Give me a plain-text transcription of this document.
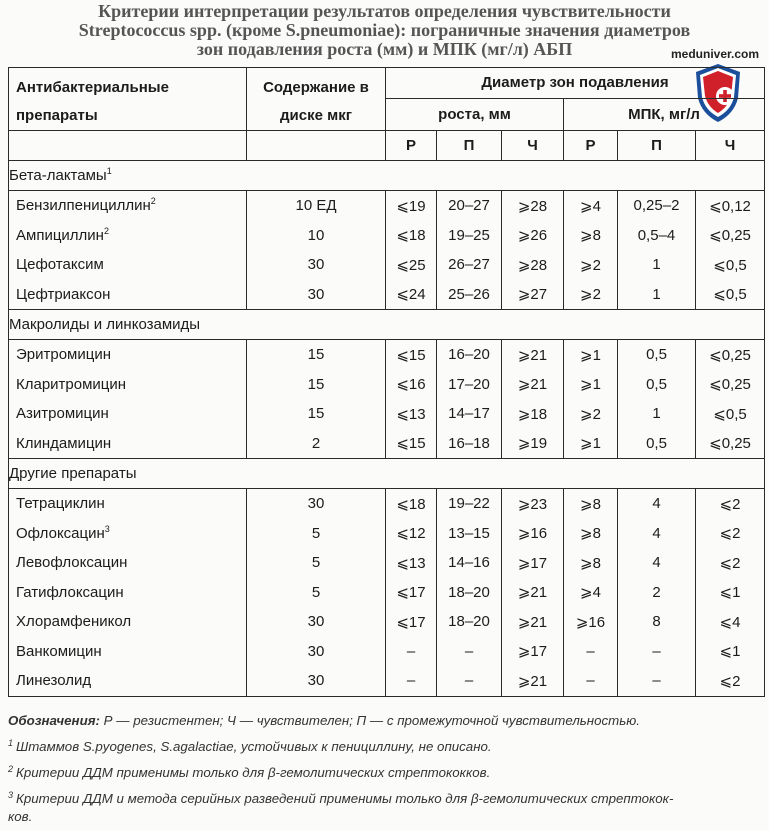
Критерии интерпретации результатов определения чувствительности
Streptococcus spp. (кроме S.pneumoniae): пограничные значения диаметров
зон подавления роста (мм) и МПК (мг/л) АБП	meduniver.com
Антибактериальные препараты	Содержание в диске мкг	Диаметр зон подавления					
		роста, мм			МПК, мг/л		
		Р	П	Ч	Р	П	Ч
Бета-лактамы$^1$
Бензилпенициллин$^2$	10 ЕД	⩽19	20–27	⩾28	⩾4	0,25–2	⩽0,12
Ампициллин$^2$	10	⩽18	19–25	⩾26	⩾8	0,5–4	⩽0,25
Цефотаксим	30	⩽25	26–27	⩾28	⩾2	1	⩽0,5
Цефтриаксон	30	⩽24	25–26	⩾27	⩾2	1	⩽0,5
Макролиды и линкозамиды							
Эритромицин	15	⩽15	16–20	⩾21	⩾1	0,5	⩽0,25
Кларитромицин	15	⩽16	17–20	⩾21	⩾1	0,5	⩽0,25
Азитромицин	15	⩽13	14–17	⩾18	⩾2	1	⩽0,5
Клиндамицин	2	⩽15	16–18	⩾19	⩾1	0,5	⩽0,25
Другие препараты							
Тетрациклин	30	⩽18	19–22	⩾23	⩾8	4	⩽2
Офлоксацин$^3$	5	⩽12	13–15	⩾16	⩾8	4	⩽2
Левофлоксацин	5	⩽13	14–16	⩾17	⩾8	4	⩽2
Гатифлоксацин	5	⩽17	18–20	⩾21	⩾4	2	⩽1
Хлорамфеникол	30	⩽17	18–20	⩾21	⩾16	8	⩽4
Ванкомицин	30	–	–	⩾17	–	–	⩽1
Линезолид	30	–	–	⩾21	–	–	⩽2

Обозначения: Р — резистентен; Ч — чувствителен; П — с промежуточной чувствительностью.

$^1$ Штаммов S.pyogenes, S.agalactiae, устойчивых к пенициллину, не описано.

$^2$ Критерии ДДМ применимы только для β-гемолитических стрептококков.

$^3$ Критерии ДДМ и метода серийных разведений применимы только для β-гемолитических стрептокок-

ков.
